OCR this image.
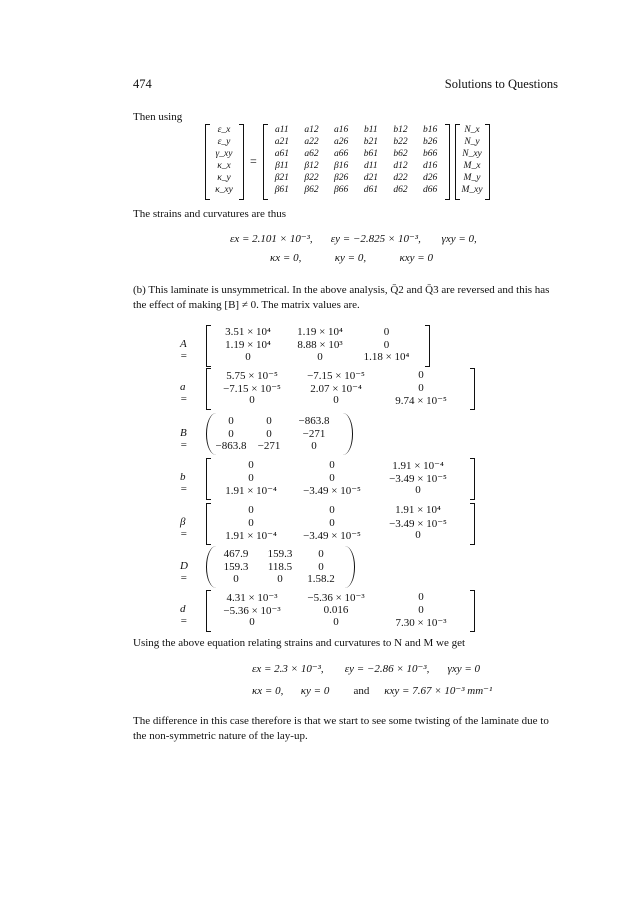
474	Solutions to Questions
Then using
ε_x
ε_y
γ_xy
κ_x
κ_y
κ_xy
=
a11	a12	a16	b11	b12	b16
a21	a22	a26	b21	b22	b26
a61	a62	a66	b61	b62	b66
β11	β12	β16	d11	d12	d16
β21	β22	β26	d21	d22	d26
β61	β62	β66	d61	d62	d66
N_x
N_y
N_xy
M_x
M_y
M_xy
The strains and curvatures are thus
εx = 2.101 × 10⁻³, εy = −2.825 × 10⁻³, γxy = 0,
κx = 0,	κy = 0,	κxy = 0
(b) This laminate is unsymmetrical. In the above analysis, Q̄2 and Q̄3 are reversed and this has the effect of making [B] ≠ 0. The matrix values are.
A =
3.51 × 10⁴	1.19 × 10⁴	0
1.19 × 10⁴	8.88 × 10³	0
0	0	1.18 × 10⁴
a =
5.75 × 10⁻⁵	−7.15 × 10⁻⁵	0
−7.15 × 10⁻⁵	2.07 × 10⁻⁴	0
0	0	9.74 × 10⁻⁵
B =
0	0	−863.8
0	0	−271
−863.8	−271	0
b =
0	0	1.91 × 10⁻⁴
0	0	−3.49 × 10⁻⁵
1.91 × 10⁻⁴	−3.49 × 10⁻⁵	0
β =
0	0	1.91 × 10⁴
0	0	−3.49 × 10⁻⁵
1.91 × 10⁻⁴	−3.49 × 10⁻⁵	0
D =
467.9	159.3	0
159.3	118.5	0
0	0	1.58.2
d =
4.31 × 10⁻³	−5.36 × 10⁻³	0
−5.36 × 10⁻³	0.016	0
0	0	7.30 × 10⁻³
Using the above equation relating strains and curvatures to N and M we get
εx = 2.3 × 10⁻³, εy = −2.86 × 10⁻³, γxy = 0
κx = 0, κy = 0 and κxy = 7.67 × 10⁻³ mm⁻¹
The difference in this case therefore is that we start to see some twisting of the laminate due to the non-symmetric nature of the lay-up.
